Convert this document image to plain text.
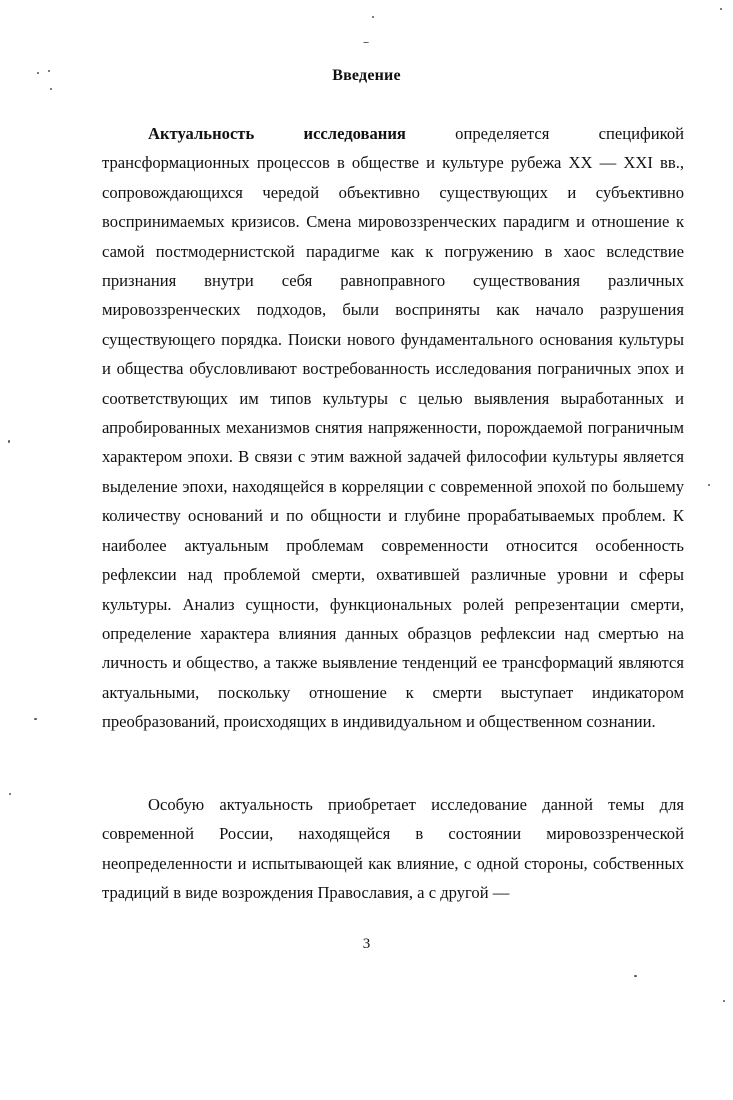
Введение

Актуальность исследования определяется спецификой трансформационных процессов в обществе и культуре рубежа XX — XXI вв., сопровождающихся чередой объективно существующих и субъективно воспринимаемых кризисов. Смена мировоззренческих парадигм и отношение к самой постмодернистской парадигме как к погружению в хаос вследствие признания внутри себя равноправного существования различных мировоззренческих подходов, были восприняты как начало разрушения существующего порядка. Поиски нового фундаментального основания культуры и общества обусловливают востребованность исследования пограничных эпох и соответствующих им типов культуры с целью выявления выработанных и апробированных механизмов снятия напряженности, порождаемой пограничным характером эпохи. В связи с этим важной задачей философии культуры является выделение эпохи, находящейся в корреляции с современной эпохой по большему количеству оснований и по общности и глубине прорабатываемых проблем. К наиболее актуальным проблемам современности относится особенность рефлексии над проблемой смерти, охватившей различные уровни и сферы культуры. Анализ сущности, функциональных ролей репрезентации смерти, определение характера влияния данных образцов рефлексии над смертью на личность и общество, а также выявление тенденций ее трансформаций являются актуальными, поскольку отношение к смерти выступает индикатором преобразований, происходящих в индивидуальном и общественном сознании.

Особую актуальность приобретает исследование данной темы для современной России, находящейся в состоянии мировоззренческой неопределенности и испытывающей как влияние, с одной стороны, собственных традиций в виде возрождения Православия, а с другой —

3
